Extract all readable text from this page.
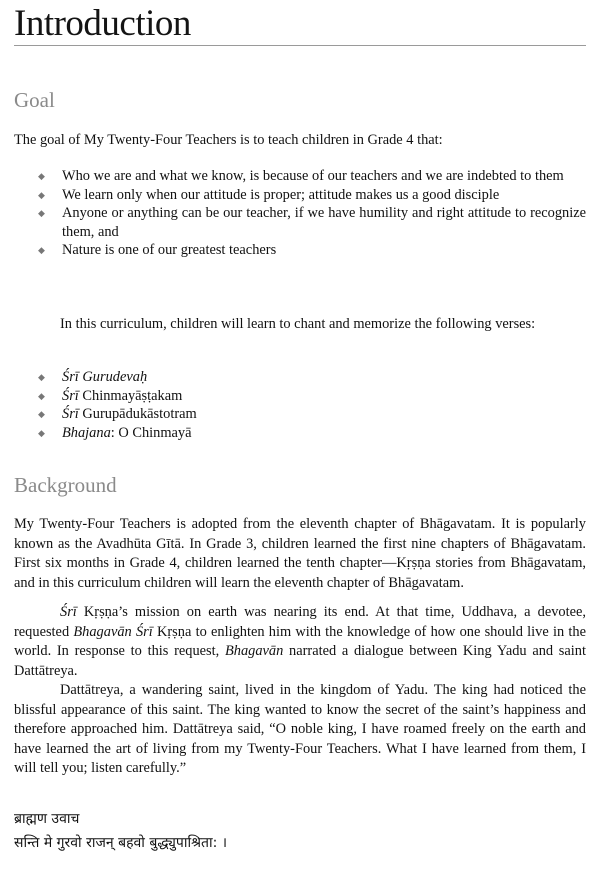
Introduction
Goal
The goal of My Twenty-Four Teachers is to teach children in Grade 4 that:
◆ Who we are and what we know, is because of our teachers and we are indebted to them
◆ We learn only when our attitude is proper; attitude makes us a good disciple
◆ Anyone or anything can be our teacher, if we have humility and right attitude to recognize them, and
◆ Nature is one of our greatest teachers
In this curriculum, children will learn to chant and memorize the following verses:
◆ Śrī Gurudevaḥ
◆ Śrī Chinmayāṣṭakam
◆ Śrī Gurupādukāstotram
◆ Bhajana: O Chinmayā
Background
My Twenty-Four Teachers is adopted from the eleventh chapter of Bhāgavatam. It is popularly known as the Avadhūta Gītā. In Grade 3, children learned the first nine chapters of Bhāgavatam. First six months in Grade 4, children learned the tenth chapter—Kṛṣṇa stories from Bhāgavatam, and in this curriculum children will learn the eleventh chapter of Bhāgavatam.
Śrī Kṛṣṇa’s mission on earth was nearing its end. At that time, Uddhava, a devotee, requested Bhagavān Śrī Kṛṣṇa to enlighten him with the knowledge of how one should live in the world. In response to this request, Bhagavān narrated a dialogue between King Yadu and saint Dattātreya.
Dattātreya, a wandering saint, lived in the kingdom of Yadu. The king had noticed the blissful appearance of this saint. The king wanted to know the secret of the saint’s happiness and therefore approached him. Dattātreya said, “O noble king, I have roamed freely on the earth and have learned the art of living from my Twenty-Four Teachers. What I have learned from them, I will tell you; listen carefully.”
ब्राह्मण उवाच
सन्ति मे गुरवो राजन् बहवो बुद्ध्युपाश्रिता: ।
